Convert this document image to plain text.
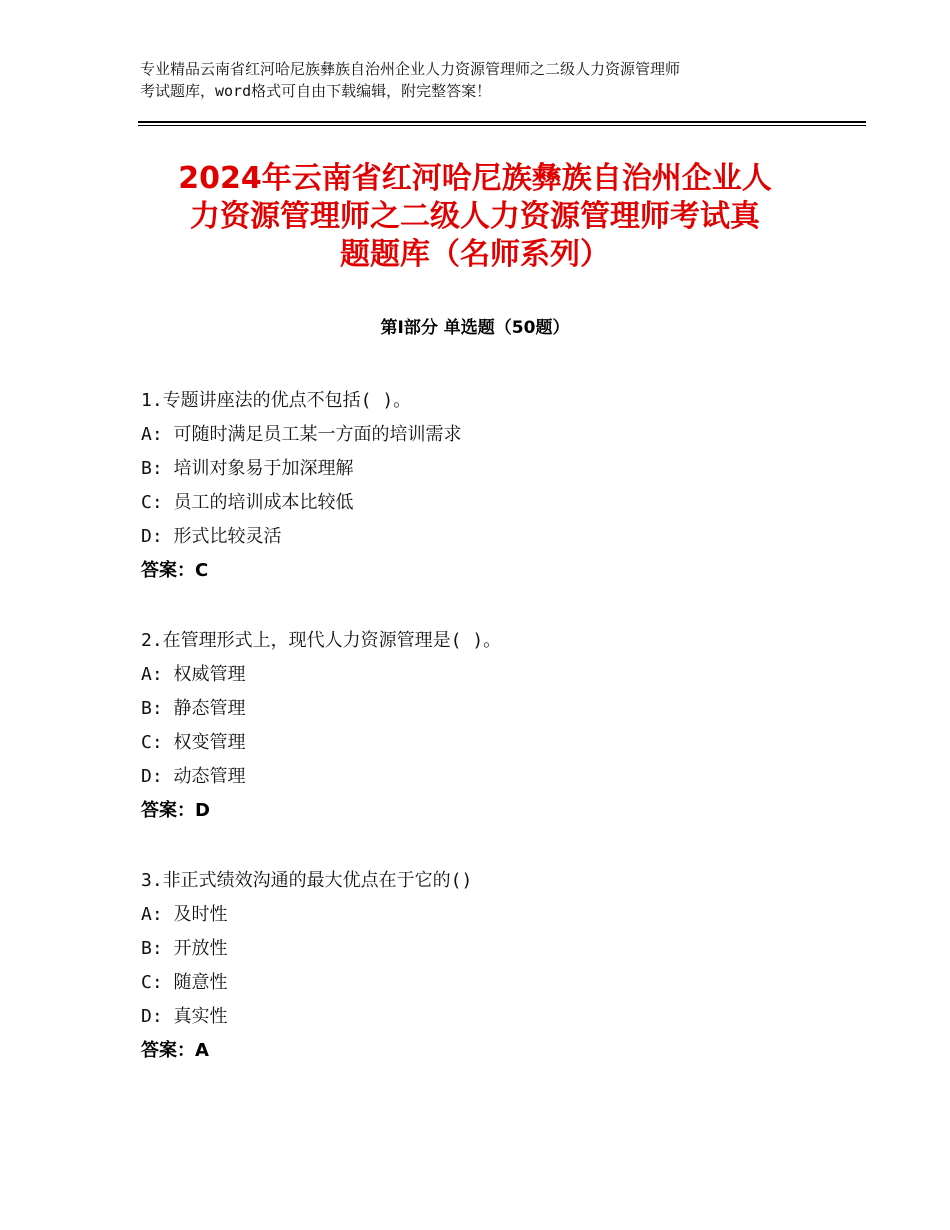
专业精品云南省红河哈尼族彝族自治州企业人力资源管理师之二级人力资源管理师
考试题库，word格式可自由下载编辑，附完整答案！
2024年云南省红河哈尼族彝族自治州企业人
力资源管理师之二级人力资源管理师考试真
题题库（名师系列）
第Ⅰ部分 单选题（50题）
1.专题讲座法的优点不包括( )。
A: 可随时满足员工某一方面的培训需求
B: 培训对象易于加深理解
C: 员工的培训成本比较低
D: 形式比较灵活
答案：C
2.在管理形式上，现代人力资源管理是( )。
A: 权威管理
B: 静态管理
C: 权变管理
D: 动态管理
答案：D
3.非正式绩效沟通的最大优点在于它的()
A: 及时性
B: 开放性
C: 随意性
D: 真实性
答案：A
